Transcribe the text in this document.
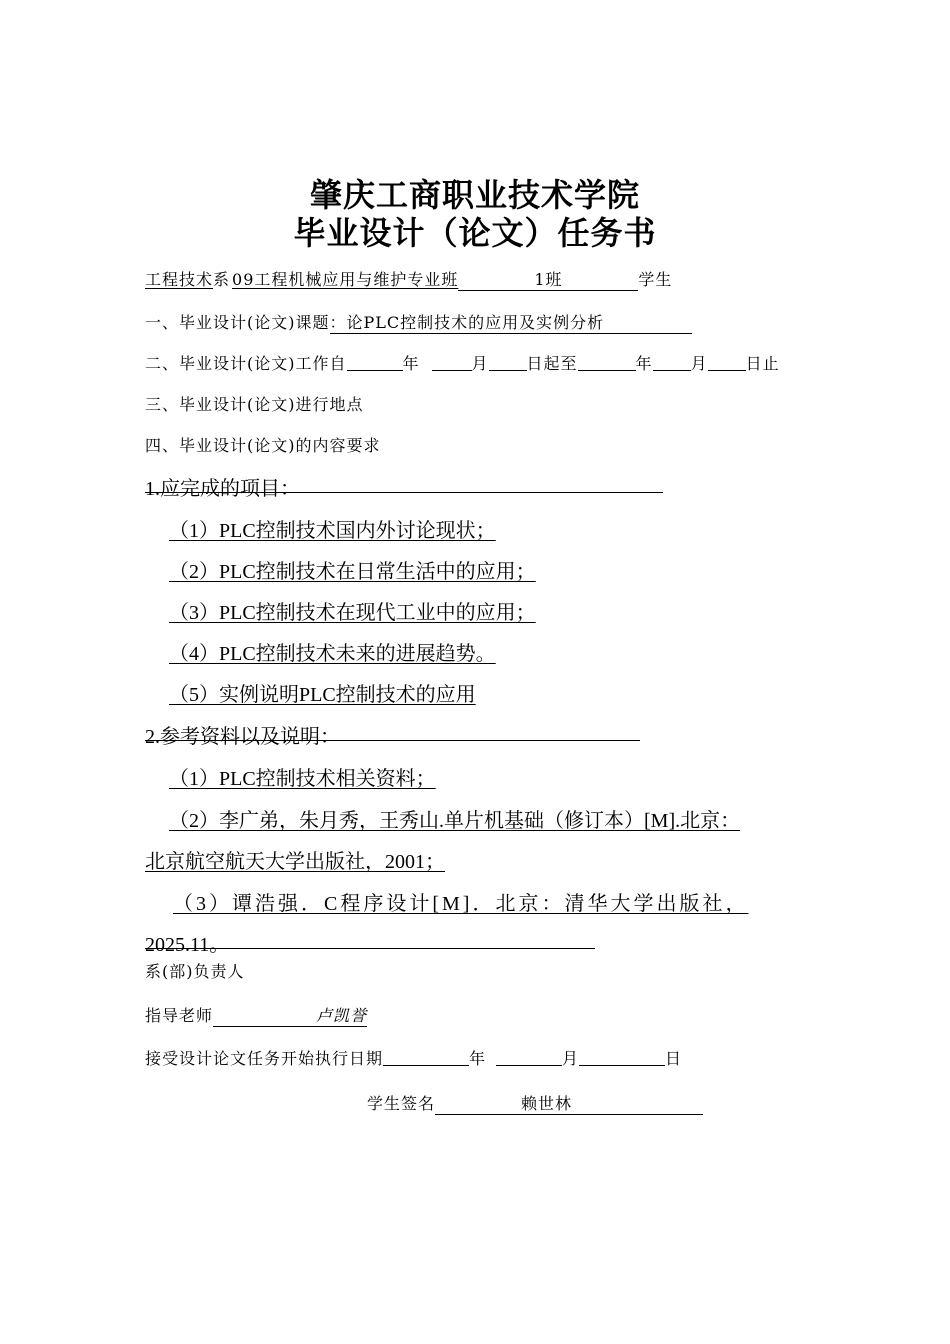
肇庆工商职业技术学院
毕业设计（论文）任务书
工程技术系 09工程机械应用与维护专业班	1班	学生
一、毕业设计(论文)课题：论PLC控制技术的应用及实例分析
二、毕业设计(论文)工作自	年	月 日起至	年 月 日止
三、毕业设计(论文)进行地点
四、毕业设计(论文)的内容要求
1.应完成的项目：
（1）PLC控制技术国内外讨论现状；
（2）PLC控制技术在日常生活中的应用；
（3）PLC控制技术在现代工业中的应用；
（4）PLC控制技术未来的进展趋势。
（5）实例说明PLC控制技术的应用
2.参考资料以及说明：
（1）PLC控制技术相关资料；
（2）李广弟，朱月秀，王秀山.单片机基础（修订本）[M].北京：
北京航空航天大学出版社，2001；
（3）谭浩强．C程序设计[M]．北京：清华大学出版社，
2025.11。
系(部)负责人
指导老师	卢凯誉
接受设计论文任务开始执行日期	年	月	日
学生签名	赖世林
